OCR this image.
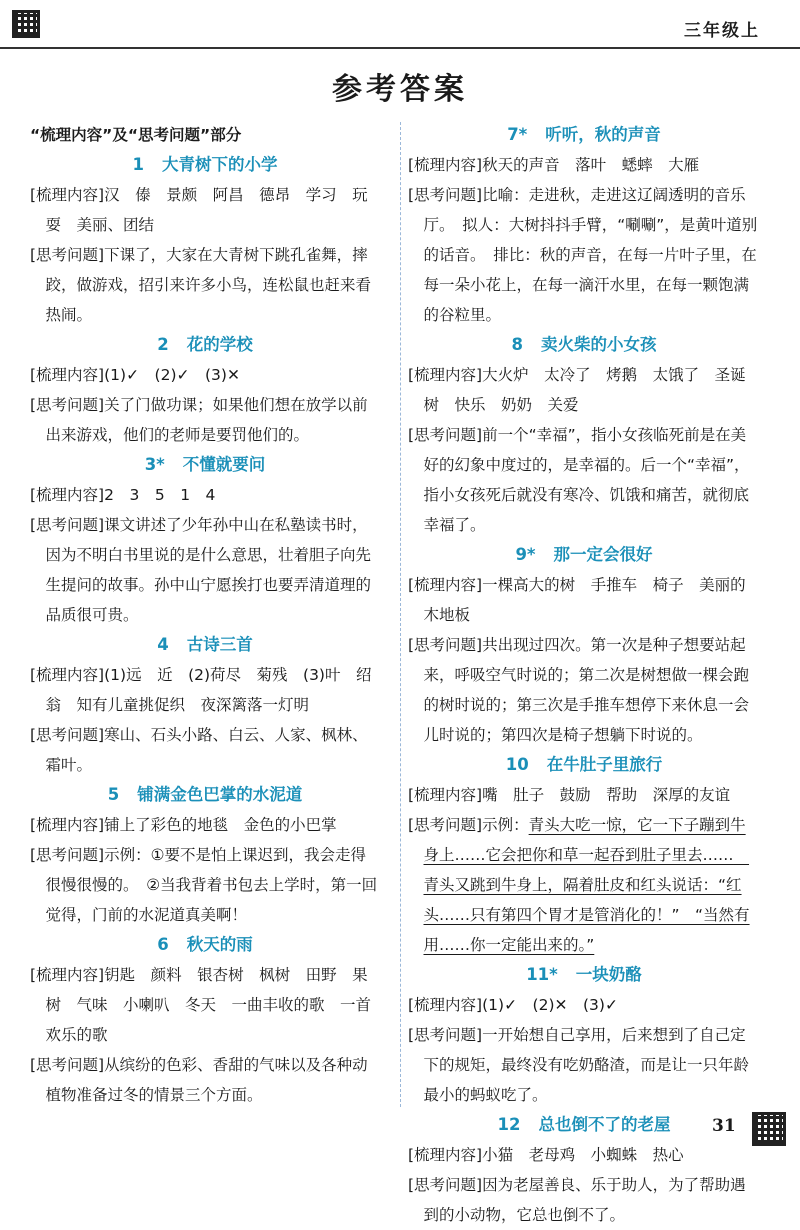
三年级上
参考答案
“梳理内容”及“思考问题”部分
1 大青树下的小学
[梳理内容]汉　傣　景颇　阿昌　德昂　学习　玩耍　美丽、团结
[思考问题]下课了，大家在大青树下跳孔雀舞，摔跤，做游戏，招引来许多小鸟，连松鼠也赶来看热闹。
2 花的学校
[梳理内容](1)✓　(2)✓　(3)✕
[思考问题]关了门做功课；如果他们想在放学以前出来游戏，他们的老师是要罚他们的。
3* 不懂就要问
[梳理内容]2　3　5　1　4
[思考问题]课文讲述了少年孙中山在私塾读书时，因为不明白书里说的是什么意思，壮着胆子向先生提问的故事。孙中山宁愿挨打也要弄清道理的品质很可贵。
4 古诗三首
[梳理内容](1)远　近　(2)荷尽　菊残　(3)叶　绍翁　知有儿童挑促织　夜深篱落一灯明
[思考问题]寒山、石头小路、白云、人家、枫林、霜叶。
5 铺满金色巴掌的水泥道
[梳理内容]铺上了彩色的地毯　金色的小巴掌
[思考问题]示例：①要不是怕上课迟到，我会走得很慢很慢的。　②当我背着书包去上学时，第一回觉得，门前的水泥道真美啊！
6 秋天的雨
[梳理内容]钥匙　颜料　银杏树　枫树　田野　果树　气味　小喇叭　冬天　一曲丰收的歌　一首欢乐的歌
[思考问题]从缤纷的色彩、香甜的气味以及各种动植物准备过冬的情景三个方面。
7* 听听，秋的声音
[梳理内容]秋天的声音　落叶　蟋蟀　大雁
[思考问题]比喻：走进秋，走进这辽阔透明的音乐厅。　拟人：大树抖抖手臂，“唰唰”，是黄叶道别的话音。　排比：秋的声音，在每一片叶子里，在每一朵小花上，在每一滴汗水里，在每一颗饱满的谷粒里。
8 卖火柴的小女孩
[梳理内容]大火炉　太冷了　烤鹅　太饿了　圣诞树　快乐　奶奶　关爱
[思考问题]前一个“幸福”，指小女孩临死前是在美好的幻象中度过的，是幸福的。后一个“幸福”，指小女孩死后就没有寒冷、饥饿和痛苦，就彻底幸福了。
9* 那一定会很好
[梳理内容]一棵高大的树　手推车　椅子　美丽的木地板
[思考问题]共出现过四次。第一次是种子想要站起来，呼吸空气时说的；第二次是树想做一棵会跑的树时说的；第三次是手推车想停下来休息一会儿时说的；第四次是椅子想躺下时说的。
10 在牛肚子里旅行
[梳理内容]嘴　肚子　鼓励　帮助　深厚的友谊
[思考问题]示例：青头大吃一惊，它一下子蹦到牛身上……它会把你和草一起吞到肚子里去……　青头又跳到牛身上，隔着肚皮和红头说话：“红头……只有第四个胃才是管消化的！”　“当然有用……你一定能出来的。”
11* 一块奶酪
[梳理内容](1)✓　(2)✕　(3)✓
[思考问题]一开始想自己享用，后来想到了自己定下的规矩，最终没有吃奶酪渣，而是让一只年龄最小的蚂蚁吃了。
12 总也倒不了的老屋
[梳理内容]小猫　老母鸡　小蜘蛛　热心
[思考问题]因为老屋善良、乐于助人，为了帮助遇到的小动物，它总也倒不了。
31
